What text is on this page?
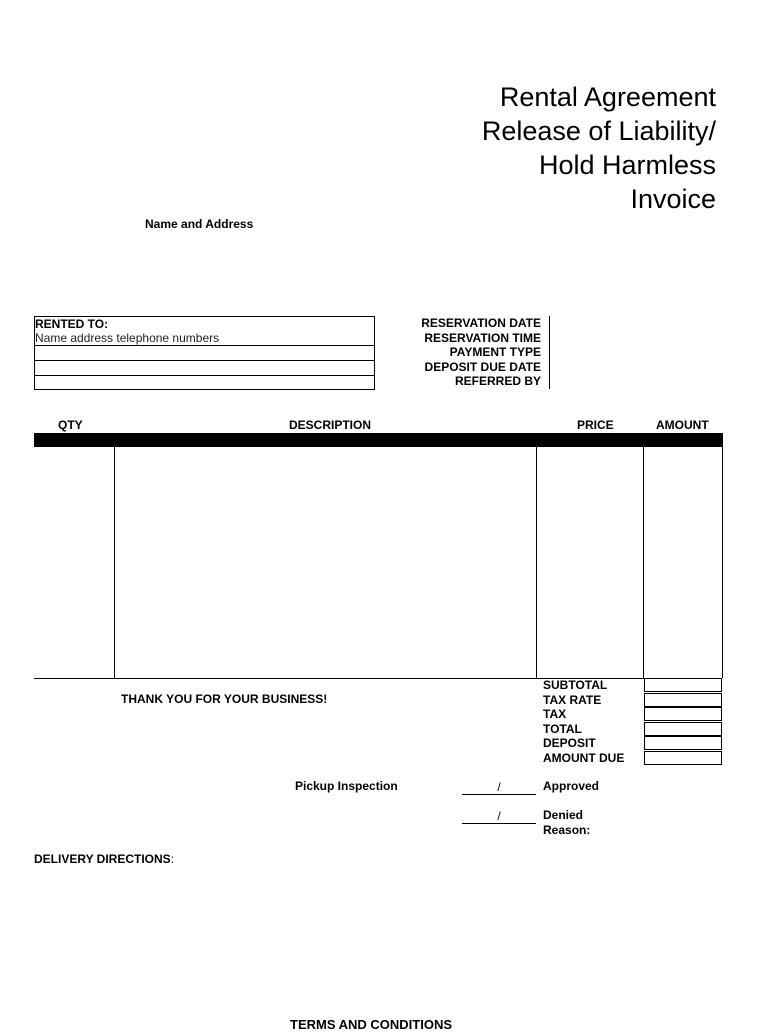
Rental Agreement
Release of Liability/
Hold Harmless
Invoice
Name and Address
RENTED TO:
Name address telephone numbers
RESERVATION DATE
RESERVATION TIME
PAYMENT TYPE
DEPOSIT DUE DATE
REFERRED BY
QTY	DESCRIPTION	PRICE	AMOUNT
THANK YOU FOR YOUR BUSINESS!
SUBTOTAL
TAX RATE
TAX
TOTAL
DEPOSIT
AMOUNT DUE
Pickup Inspection	/	Approved
/	Denied
Reason:
DELIVERY DIRECTIONS:
TERMS AND CONDITIONS
